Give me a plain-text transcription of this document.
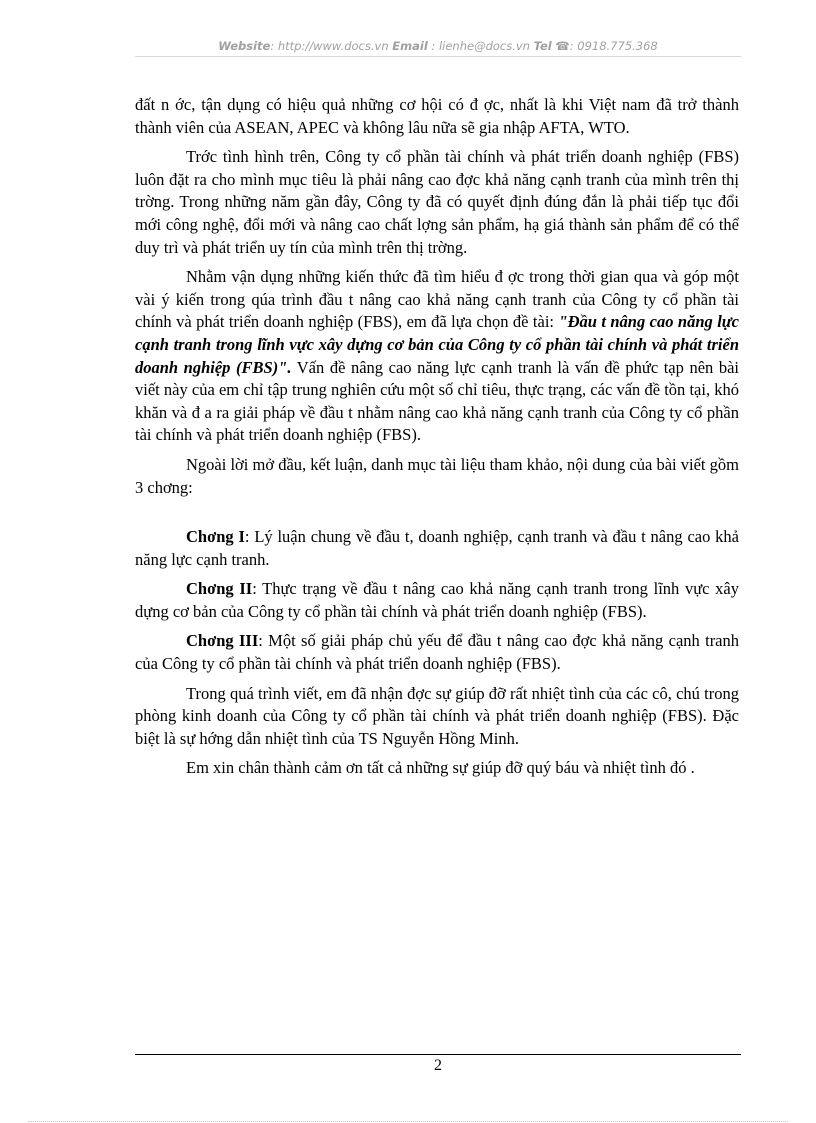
Website: http://www.docs.vn Email : lienhe@docs.vn Tel ☎: 0918.775.368

đất n ớc, tận dụng có hiệu quả những cơ hội có đ ợc, nhất là khi Việt nam đã trở thành thành viên của ASEAN, APEC và không lâu nữa sẽ gia nhập AFTA, WTO.

Trớc tình hình trên, Công ty cổ phần tài chính và phát triển doanh nghiệp (FBS) luôn đặt ra cho mình mục tiêu là phải nâng cao đợc khả năng cạnh tranh của mình trên thị trờng. Trong những năm gần đây, Công ty đã có quyết định đúng đắn là phải tiếp tục đổi mới công nghệ, đổi mới và nâng cao chất lợng sản phẩm, hạ giá thành sản phẩm để có thể duy trì và phát triển uy tín của mình trên thị trờng.

Nhằm vận dụng những kiến thức đã tìm hiểu đ ợc trong thời gian qua và góp một vài ý kiến trong qúa trình đầu t nâng cao khả năng cạnh tranh của Công ty cổ phần tài chính và phát triển doanh nghiệp (FBS), em đã lựa chọn đề tài: "Đầu t nâng cao năng lực cạnh tranh trong lĩnh vực xây dựng cơ bản của Công ty cổ phần tài chính và phát triển doanh nghiệp (FBS)". Vấn đề nâng cao năng lực cạnh tranh là vấn đề phức tạp nên bài viết này của em chỉ tập trung nghiên cứu một số chỉ tiêu, thực trạng, các vấn đề tồn tại, khó khăn và đ a ra giải pháp về đầu t nhằm nâng cao khả năng cạnh tranh của Công ty cổ phần tài chính và phát triển doanh nghiệp (FBS).

Ngoài lời mở đầu, kết luận, danh mục tài liệu tham khảo, nội dung của bài viết gồm 3 chơng:

Chơng I: Lý luận chung về đầu t, doanh nghiệp, cạnh tranh và đầu t nâng cao khả năng lực cạnh tranh.

Chơng II: Thực trạng về đầu t nâng cao khả năng cạnh tranh trong lĩnh vực xây dựng cơ bản của Công ty cổ phần tài chính và phát triển doanh nghiệp (FBS).

Chơng III: Một số giải pháp chủ yếu để đầu t nâng cao đợc khả năng cạnh tranh của Công ty cổ phần tài chính và phát triển doanh nghiệp (FBS).

Trong quá trình viết, em đã nhận đợc sự giúp đỡ rất nhiệt tình của các cô, chú trong phòng kinh doanh của Công ty cổ phần tài chính và phát triển doanh nghiệp (FBS). Đặc biệt là sự hớng dẫn nhiệt tình của TS Nguyễn Hồng Minh.

Em xin chân thành cảm ơn tất cả những sự giúp đỡ quý báu và nhiệt tình đó .

2
